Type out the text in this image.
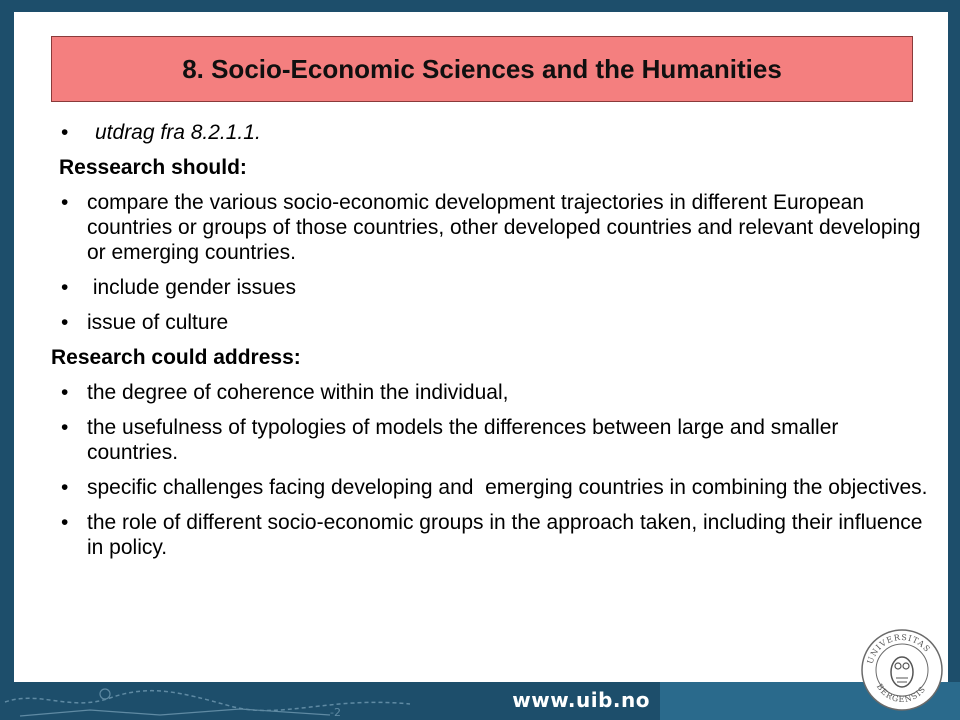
8. Socio-Economic Sciences and the Humanities

• utdrag fra 8.2.1.1.

Ressearch should:

• compare the various socio-economic development trajectories in different European countries or groups of those countries, other developed countries and relevant developing or emerging countries.

• include gender issues

• issue of culture

Research could address:

• the degree of coherence within the individual,

• the usefulness of typologies of models the differences between large and smaller countries.

• specific challenges facing developing and  emerging countries in combining the objectives.

• the role of different socio-economic groups in the approach taken, including their influence in policy.

-2
www.uib.no
UNIVERSITAS
BERGENSIS
